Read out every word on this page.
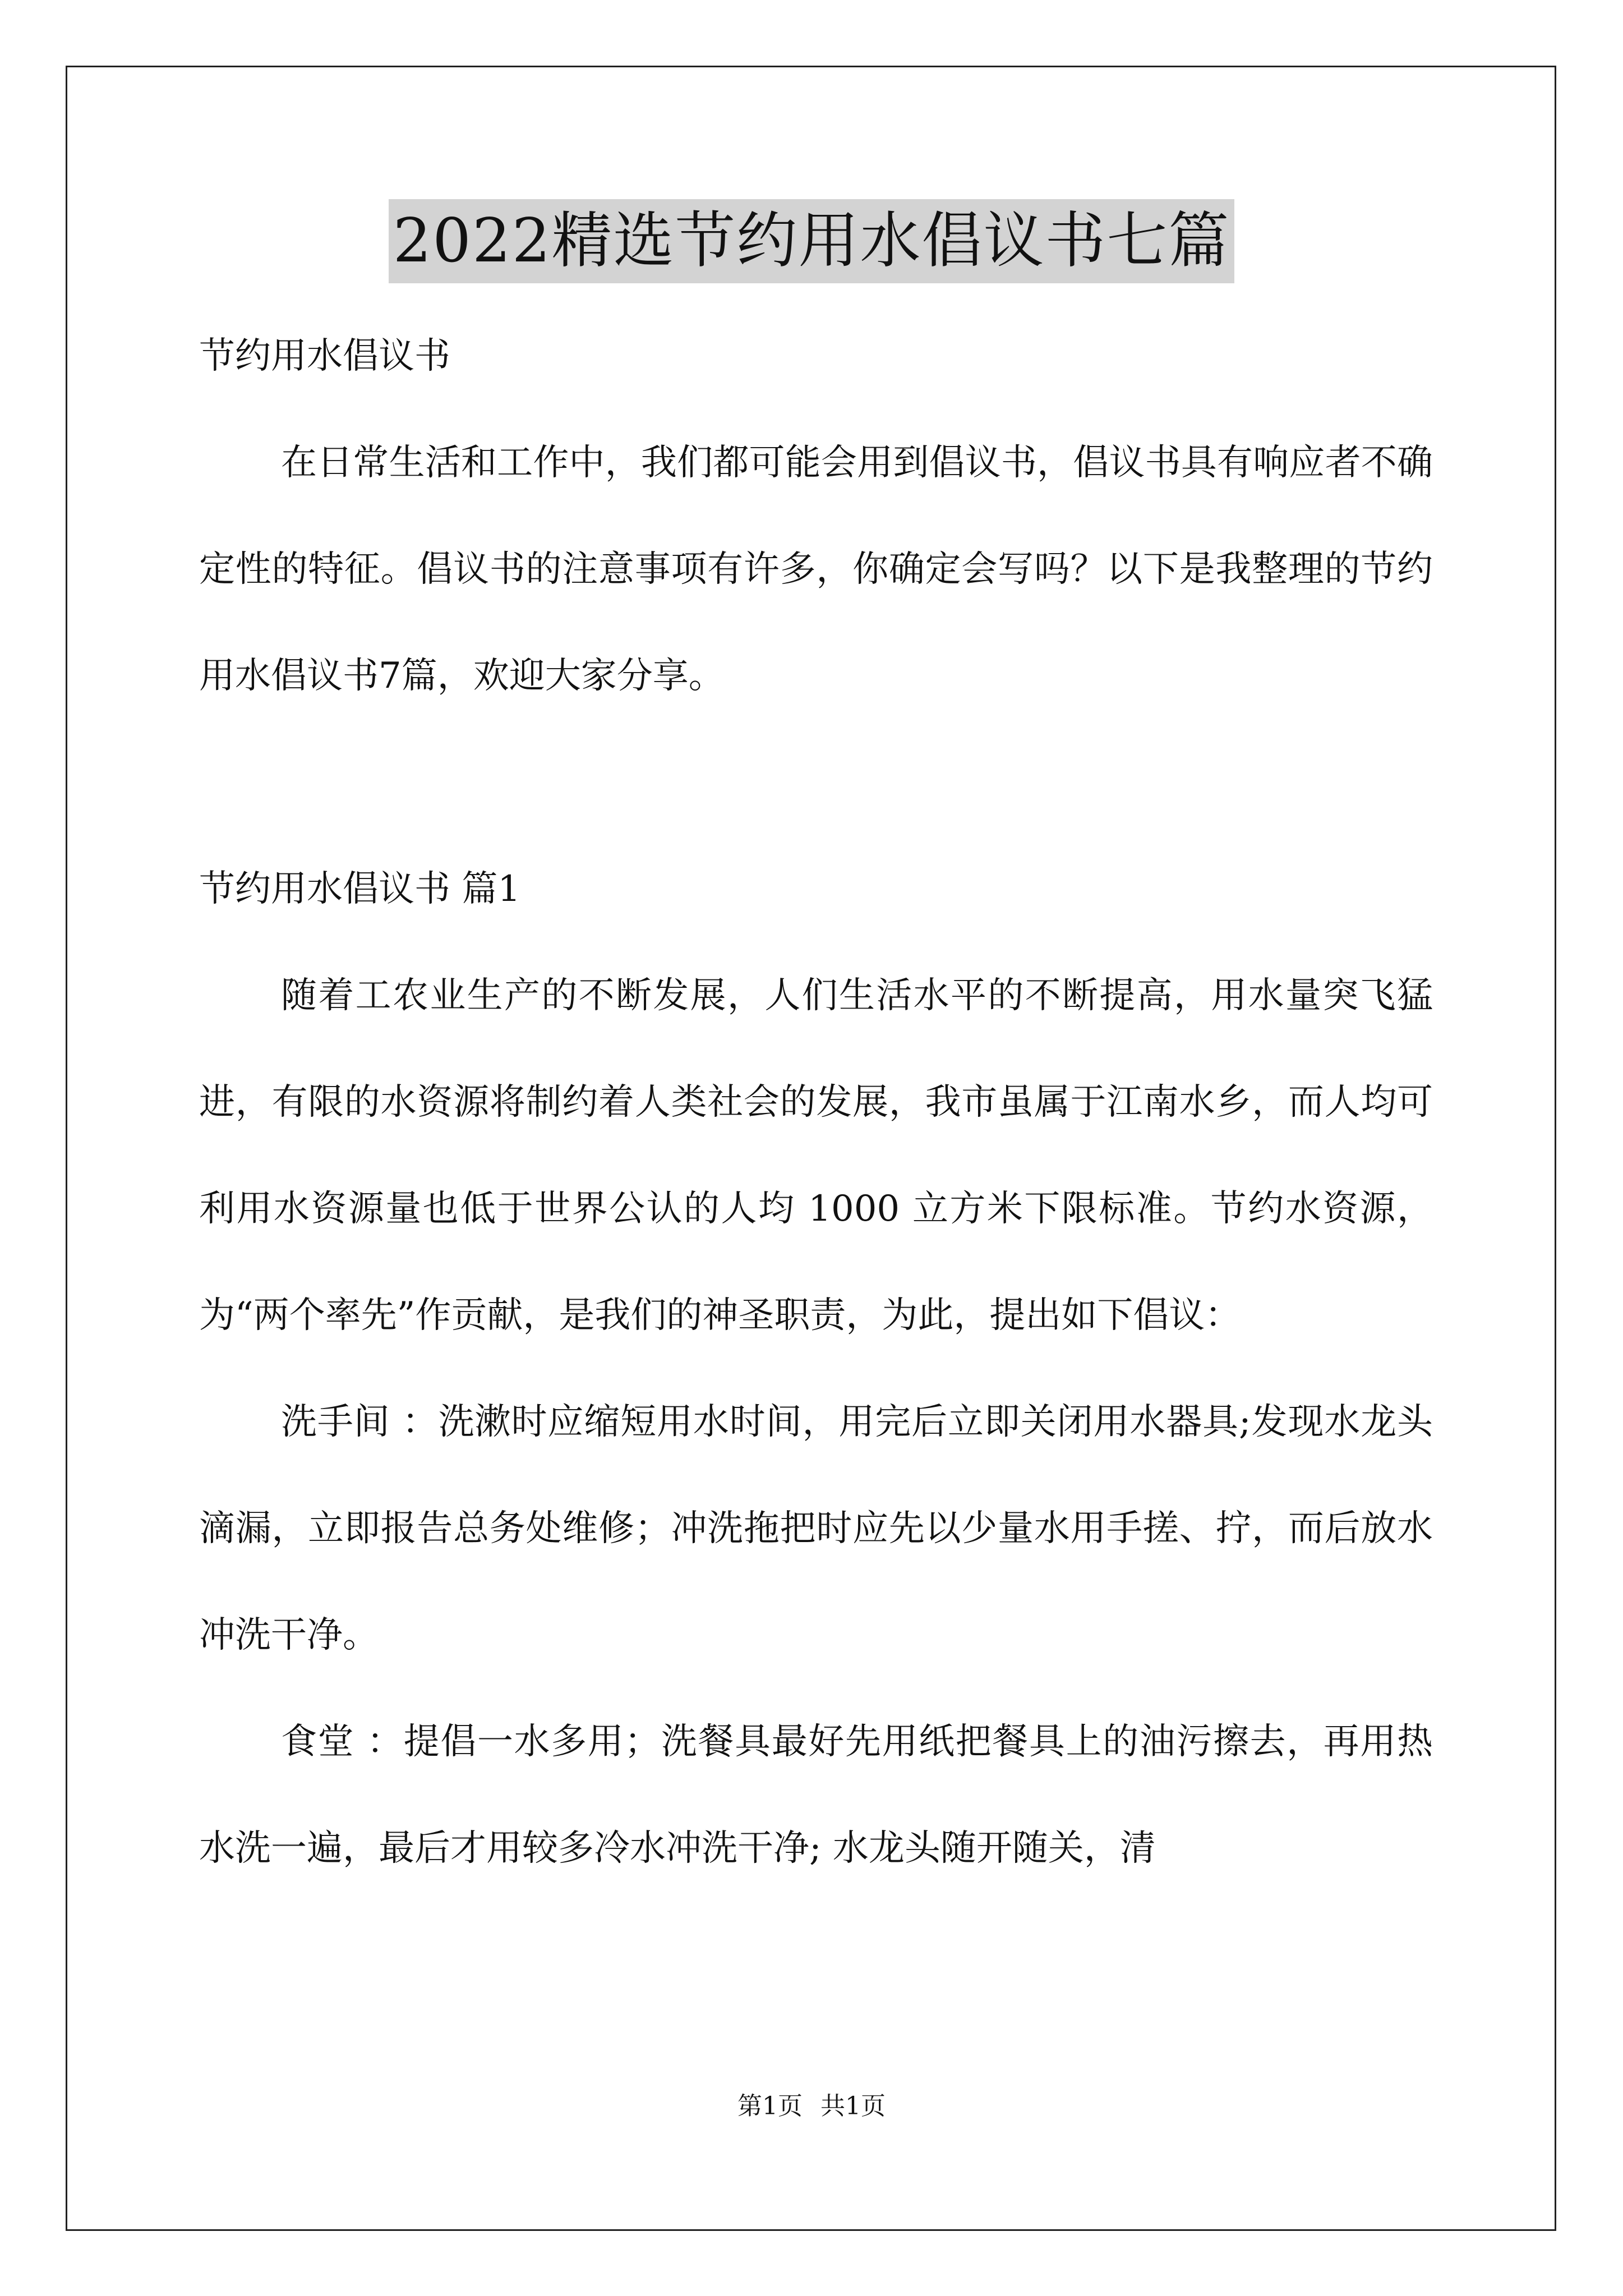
2022精选节约用水倡议书七篇

节约用水倡议书

在日常生活和工作中，我们都可能会用到倡议书，倡议书具有响应者不确定性的特征。倡议书的注意事项有许多，你确定会写吗？以下是我整理的节约用水倡议书7篇，欢迎大家分享。

节约用水倡议书 篇1

随着工农业生产的不断发展，人们生活水平的不断提高，用水量突飞猛进，有限的水资源将制约着人类社会的发展，我市虽属于江南水乡，而人均可利用水资源量也低于世界公认的人均 1000 立方米下限标准。节约水资源，为“两个率先”作贡献，是我们的神圣职责，为此，提出如下倡议：

洗手间 ：洗漱时应缩短用水时间，用完后立即关闭用水器具;发现水龙头滴漏，立即报告总务处维修；冲洗拖把时应先以少量水用手搓、拧，而后放水冲洗干净。

食堂 ：提倡一水多用；洗餐具最好先用纸把餐具上的油污擦去，再用热水洗一遍，最后才用较多冷水冲洗干净; 水龙头随开随关，清

第1页 共1页
